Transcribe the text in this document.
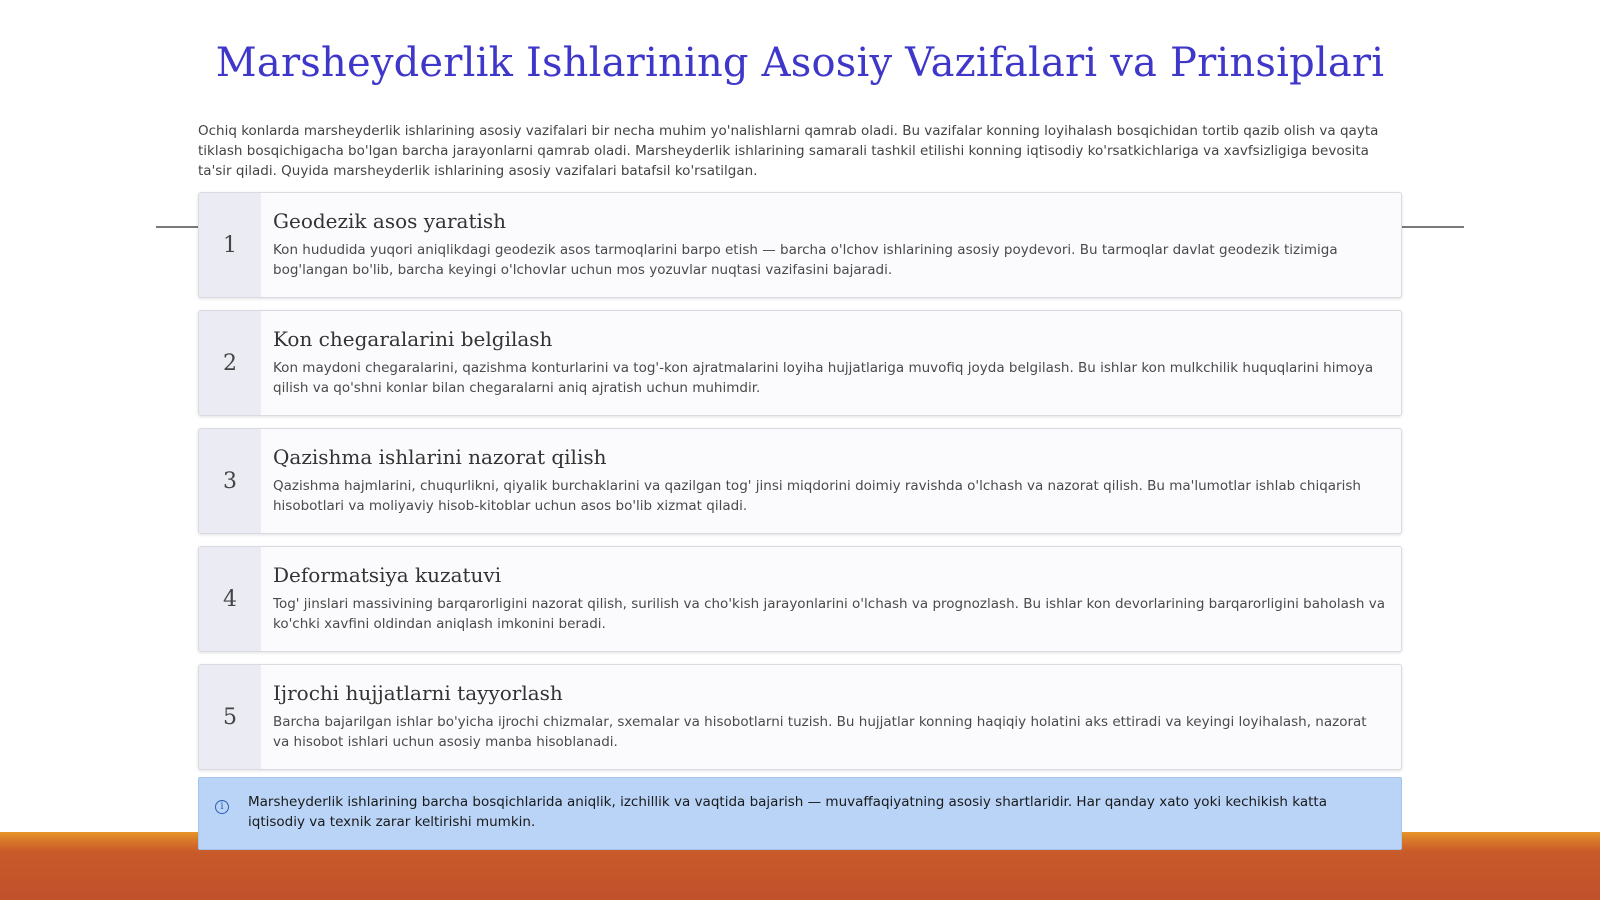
Marsheyderlik Ishlarining Asosiy Vazifalari va Prinsiplari

Ochiq konlarda marsheyderlik ishlarining asosiy vazifalari bir necha muhim yo'nalishlarni qamrab oladi. Bu vazifalar konning loyihalash bosqichidan tortib qazib olish va qayta tiklash bosqichigacha bo'lgan barcha jarayonlarni qamrab oladi. Marsheyderlik ishlarining samarali tashkil etilishi konning iqtisodiy ko'rsatkichlariga va xavfsizligiga bevosita ta'sir qiladi. Quyida marsheyderlik ishlarining asosiy vazifalari batafsil ko'rsatilgan.

1
Geodezik asos yaratish

Kon hududida yuqori aniqlikdagi geodezik asos tarmoqlarini barpo etish — barcha o'lchov ishlarining asosiy poydevori. Bu tarmoqlar davlat geodezik tizimiga bog'langan bo'lib, barcha keyingi o'lchovlar uchun mos yozuvlar nuqtasi vazifasini bajaradi.

2
Kon chegaralarini belgilash

Kon maydoni chegaralarini, qazishma konturlarini va tog'-kon ajratmalarini loyiha hujjatlariga muvofiq joyda belgilash. Bu ishlar kon mulkchilik huquqlarini himoya qilish va qo'shni konlar bilan chegaralarni aniq ajratish uchun muhimdir.

3
Qazishma ishlarini nazorat qilish

Qazishma hajmlarini, chuqurlikni, qiyalik burchaklarini va qazilgan tog' jinsi miqdorini doimiy ravishda o'lchash va nazorat qilish. Bu ma'lumotlar ishlab chiqarish hisobotlari va moliyaviy hisob-kitoblar uchun asos bo'lib xizmat qiladi.

4
Deformatsiya kuzatuvi

Tog' jinslari massivining barqarorligini nazorat qilish, surilish va cho'kish jarayonlarini o'lchash va prognozlash. Bu ishlar kon devorlarining barqarorligini baholash va ko'chki xavfini oldindan aniqlash imkonini beradi.

5
Ijrochi hujjatlarni tayyorlash

Barcha bajarilgan ishlar bo'yicha ijrochi chizmalar, sxemalar va hisobotlarni tuzish. Bu hujjatlar konning haqiqiy holatini aks ettiradi va keyingi loyihalash, nazorat va hisobot ishlari uchun asosiy manba hisoblanadi.

i	Marsheyderlik ishlarining barcha bosqichlarida aniqlik, izchillik va vaqtida bajarish — muvaffaqiyatning asosiy shartlaridir. Har qanday xato yoki kechikish katta iqtisodiy va texnik zarar keltirishi mumkin.
